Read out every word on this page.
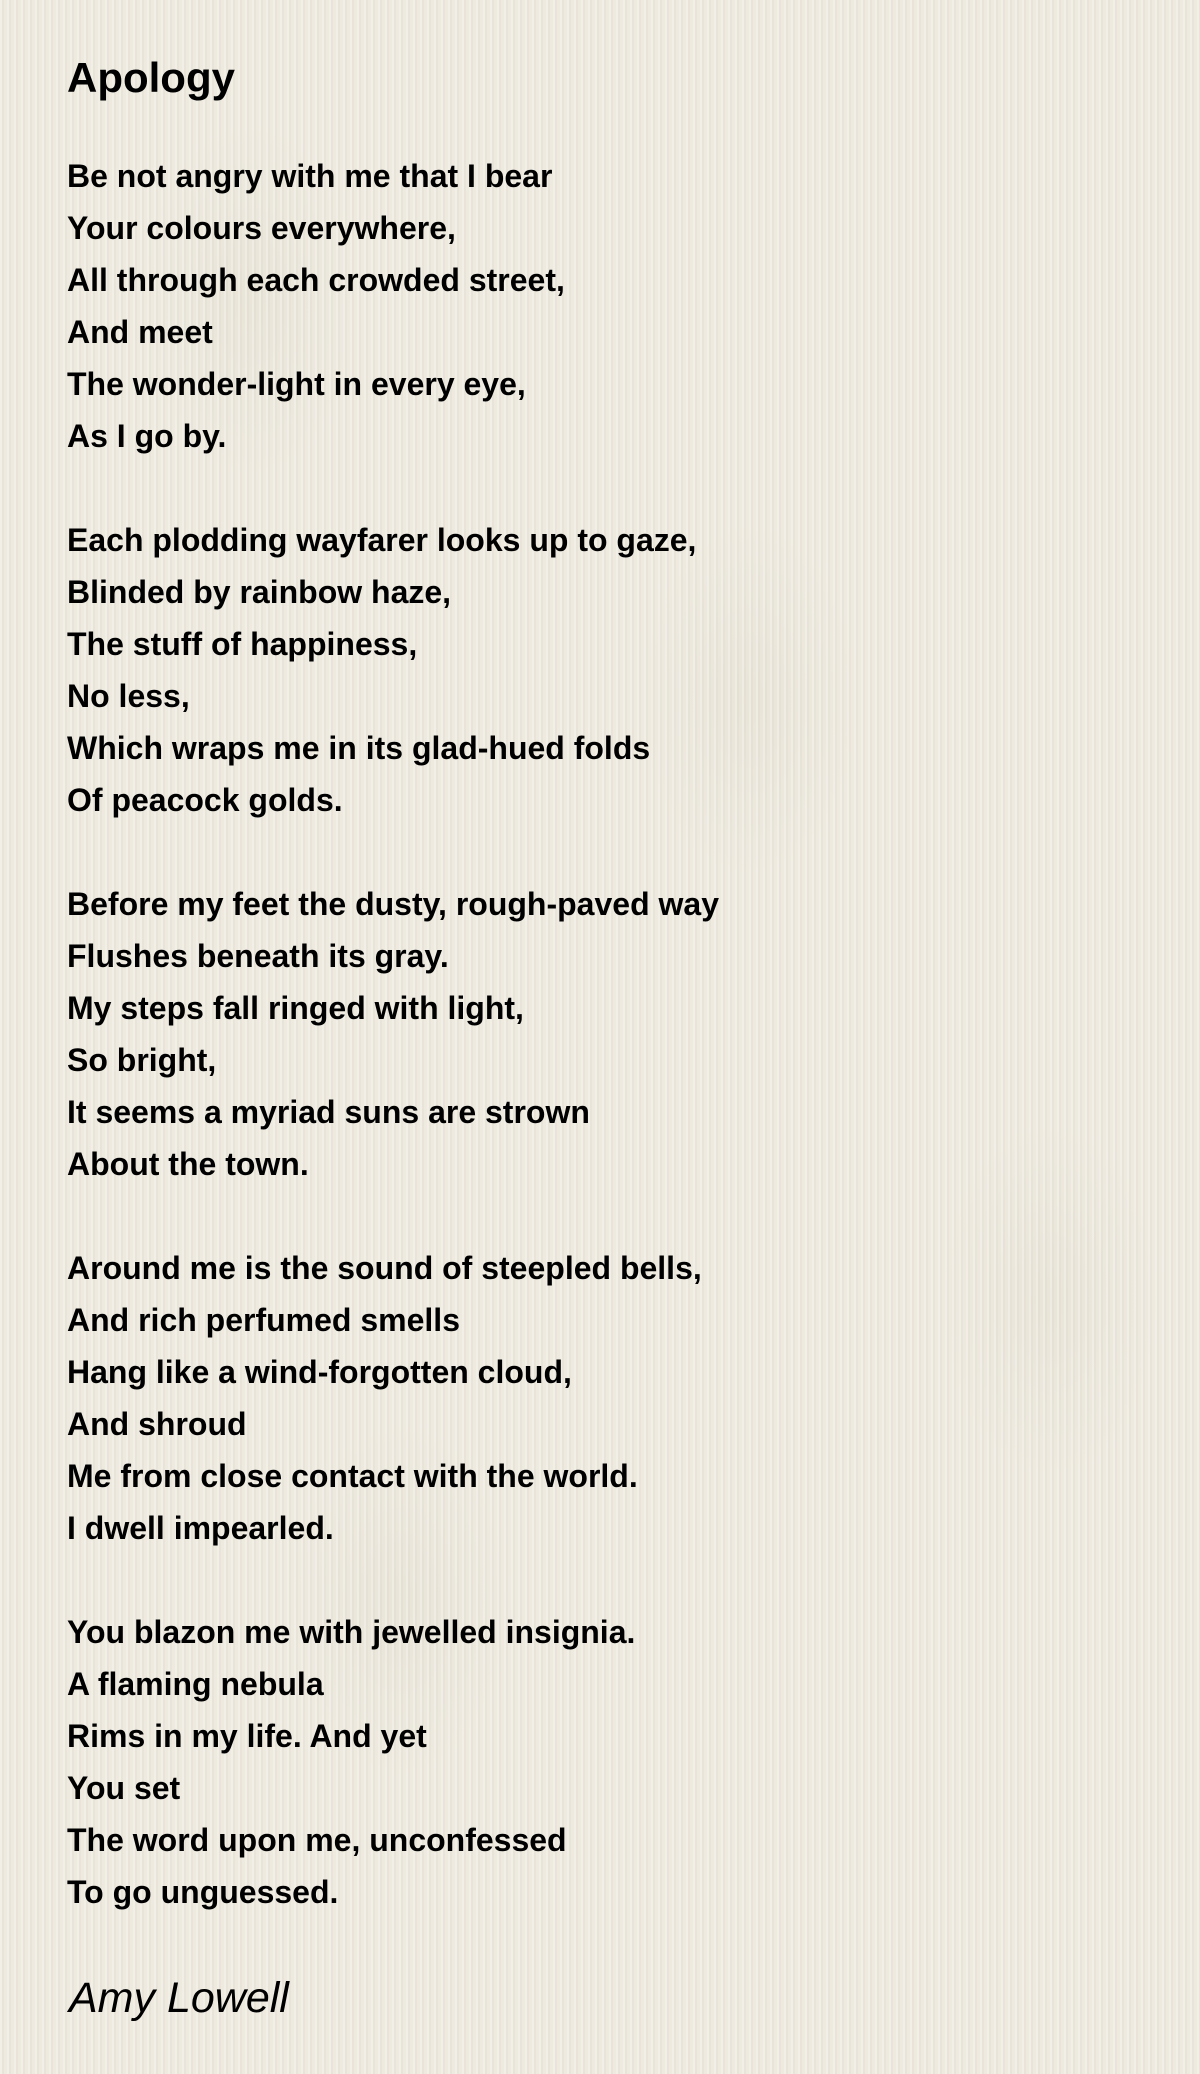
Apology
Be not angry with me that I bear
Your colours everywhere,
All through each crowded street,
And meet
The wonder-light in every eye,
As I go by.
Each plodding wayfarer looks up to gaze,
Blinded by rainbow haze,
The stuff of happiness,
No less,
Which wraps me in its glad-hued folds
Of peacock golds.
Before my feet the dusty, rough-paved way
Flushes beneath its gray.
My steps fall ringed with light,
So bright,
It seems a myriad suns are strown
About the town.
Around me is the sound of steepled bells,
And rich perfumed smells
Hang like a wind-forgotten cloud,
And shroud
Me from close contact with the world.
I dwell impearled.
You blazon me with jewelled insignia.
A flaming nebula
Rims in my life. And yet
You set
The word upon me, unconfessed
To go unguessed.
Amy Lowell
